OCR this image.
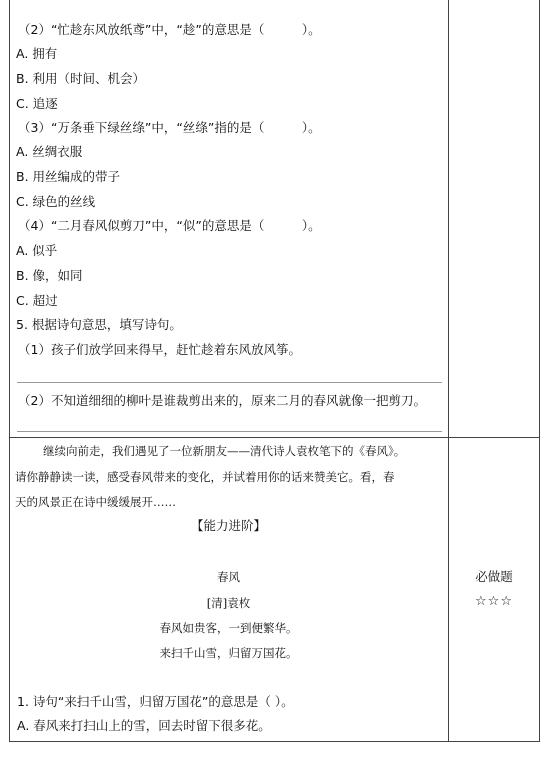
（2）“忙趁东风放纸鸢”中，“趁”的意思是（　　　）。
A. 拥有
B. 利用（时间、机会）
C. 追逐
（3）“万条垂下绿丝绦”中，“丝绦”指的是（　　　）。
A. 丝绸衣服
B. 用丝编成的带子
C. 绿色的丝线
（4）“二月春风似剪刀”中，“似”的意思是（　　　）。
A. 似乎
B. 像，如同
C. 超过
5. 根据诗句意思，填写诗句。
（1）孩子们放学回来得早，赶忙趁着东风放风筝。
（2）不知道细细的柳叶是谁裁剪出来的，原来二月的春风就像一把剪刀。
继续向前走，我们遇见了一位新朋友——清代诗人袁枚笔下的《春风》。
请你静静读一读，感受春风带来的变化，并试着用你的话来赞美它。看，春
天的风景正在诗中缓缓展开……
【能力进阶】
春风
[清]袁枚
春风如贵客，一到便繁华。
来扫千山雪，归留万国花。
1. 诗句“来扫千山雪，归留万国花”的意思是（ ）。
A. 春风来打扫山上的雪，回去时留下很多花。
必做题
☆☆☆
